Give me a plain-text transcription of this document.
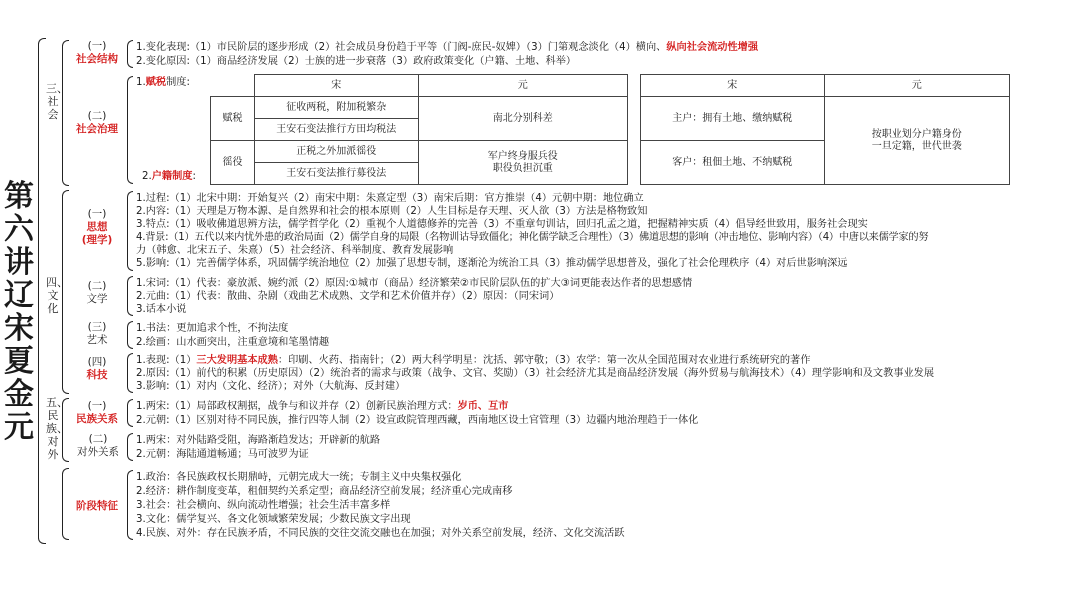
第六讲 辽宋夏金元
三、社会
四、文化
五、民族、对外
(一)
社会结构
1.变化表现:（1）市民阶层的逐步形成（2）社会成员身份趋于平等（门阀-庶民-奴婢）（3）门第观念淡化（4）横向、纵向社会流动性增强
2.变化原因:（1）商品经济发展（2）士族的进一步衰落（3）政府政策变化（户籍、土地、科举）
(二)
社会治理
1.赋税制度:
2.户籍制度:
	宋	元
赋税	征收两税，附加税繁杂	南北分别科差
	王安石变法推行方田均税法	
徭役	正税之外加派徭役	军户终身服兵役
职役负担沉重
	王安石变法推行募役法	
宋	元
主户：拥有土地、缴纳赋税	按职业划分户籍身份
一旦定籍，世代世袭
客户：租佃土地、不纳赋税	
(一)
思想
(理学)
1.过程:（1）北宋中期：开始复兴（2）南宋中期：朱熹定型（3）南宋后期：官方推崇（4）元朝中期：地位确立
2.内容:（1）天理是万物本源、是自然界和社会的根本原则（2）人生目标是存天理、灭人欲（3）方法是格物致知
3.特点:（1）吸收佛道思辨方法，儒学哲学化（2）重视个人道德修养的完善（3）不重章句训诂，回归孔孟之道，把握精神实质（4）倡导经世致用，服务社会现实
4.背景:（1）五代以来内忧外患的政治局面（2）儒学自身的局限（名物训诂导致僵化；神化儒学缺乏合理性）（3）佛道思想的影响（冲击地位、影响内容）（4）中唐以来儒学家的努
力（韩愈、北宋五子、朱熹）（5）社会经济、科举制度、教育发展影响
5.影响:（1）完善儒学体系，巩固儒学统治地位（2）加强了思想专制，逐渐沦为统治工具（3）推动儒学思想普及，强化了社会伦理秩序（4）对后世影响深远
(二)
文学
1.宋词:（1）代表：豪放派、婉约派（2）原因:①城市（商品）经济繁荣②市民阶层队伍的扩大③词更能表达作者的思想感情
2.元曲:（1）代表：散曲、杂剧（戏曲艺术成熟、文学和艺术价值并存）（2）原因：（同宋词）
3.话本小说
(三)
艺术
1.书法：更加追求个性，不拘法度
2.绘画：山水画突出，注重意境和笔墨情趣
(四)
科技
1.表现:（1）三大发明基本成熟：印刷、火药、指南针；（2）两大科学明星：沈括、郭守敬；（3）农学：第一次从全国范围对农业进行系统研究的著作
2.原因:（1）前代的积累（历史原因）（2）统治者的需求与政策（战争、文官、奖励）（3）社会经济尤其是商品经济发展（海外贸易与航海技术）（4）理学影响和及文教事业发展
3.影响:（1）对内（文化、经济）；对外（大航海、反封建）
(一)
民族关系
1.两宋:（1）局部政权割据，战争与和议并存（2）创新民族治理方式：岁币、互市
2.元朝:（1）区别对待不同民族，推行四等人制（2）设宣政院管理西藏，西南地区设土官管理（3）边疆内地治理趋于一体化
(二)
对外关系
1.两宋：对外陆路受阻，海路渐趋发达；开辟新的航路
2.元朝：海陆通道畅通；马可波罗为证
阶段特征
1.政治：各民族政权长期鼎峙，元朝完成大一统；专制主义中央集权强化
2.经济：耕作制度变革，租佃契约关系定型；商品经济空前发展；经济重心完成南移
3.社会：社会横向、纵向流动性增强；社会生活丰富多样
3.文化：儒学复兴、各文化领域繁荣发展；少数民族文字出现
4.民族、对外：存在民族矛盾，不同民族的交往交流交融也在加强；对外关系空前发展，经济、文化交流活跃
